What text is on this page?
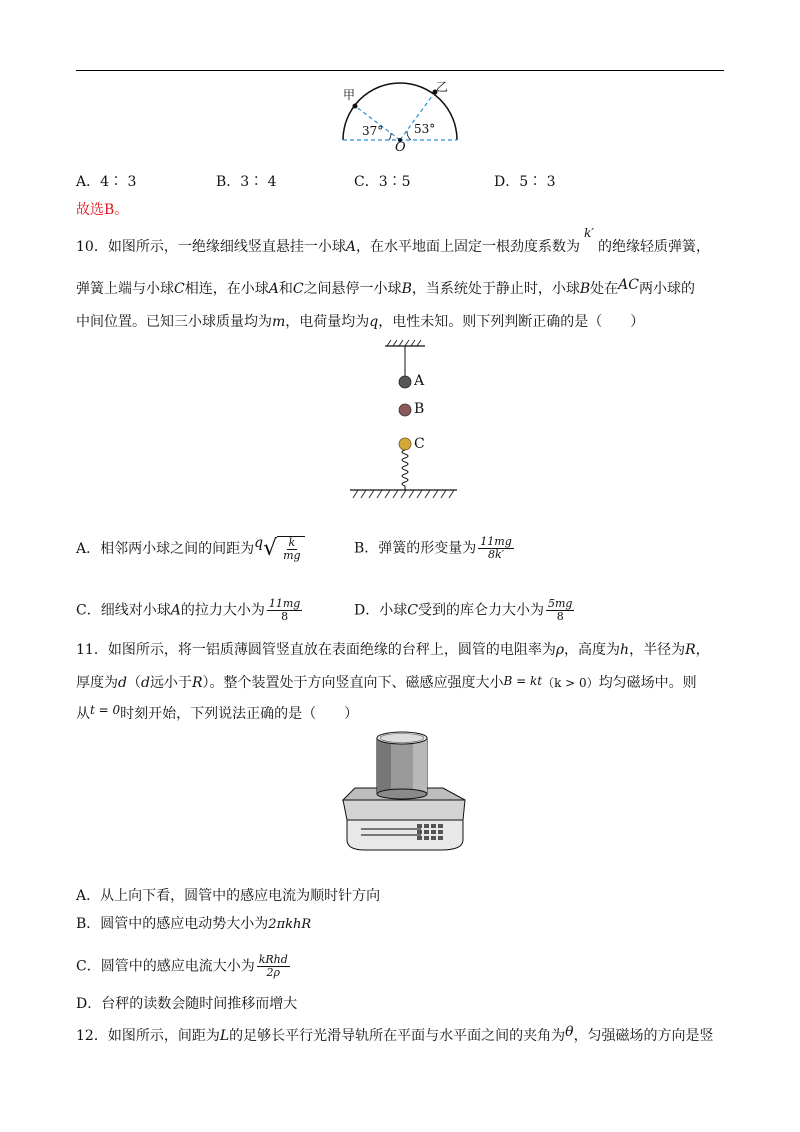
甲
乙
37°	53°
O
A．4∶ 3	B．3∶ 4	C．3∶5	D．5∶ 3
故选B。
10．如图所示，一绝缘细线竖直悬挂一小球A，在水平地面上固定一根劲度系数为k′的绝缘轻质弹簧，
弹簧上端与小球C相连，在小球A和C之间悬停一小球B，当系统处于静止时，小球B处在AC两小球的
中间位置。已知三小球质量均为m，电荷量均为q，电性未知。则下列判断正确的是（　　）
A
B
C
A．相邻两小球之间的间距为q √ $\frac{k}{mg}$	B．弹簧的形变量为 $\frac{11mg}{8k'}$
C．细线对小球A的拉力大小为 $\frac{11mg}{8}$	D．小球C受到的库仑力大小为 $\frac{5mg}{8}$
11．如图所示，将一铝质薄圆管竖直放在表面绝缘的台秤上，圆管的电阻率为ρ，高度为h，半径为R，
厚度为d（d远小于R）。整个装置处于方向竖直向下、磁感应强度大小B = kt（k > 0）均匀磁场中。则
从t = 0时刻开始，下列说法正确的是（　　）
A．从上向下看，圆管中的感应电流为顺时针方向
B．圆管中的感应电动势大小为2πkhR
C．圆管中的感应电流大小为 $\frac{\text{kRhd}}{2\rho}$
D．台秤的读数会随时间推移而增大
12．如图所示，间距为L的足够长平行光滑导轨所在平面与水平面之间的夹角为θ，匀强磁场的方向是竖
